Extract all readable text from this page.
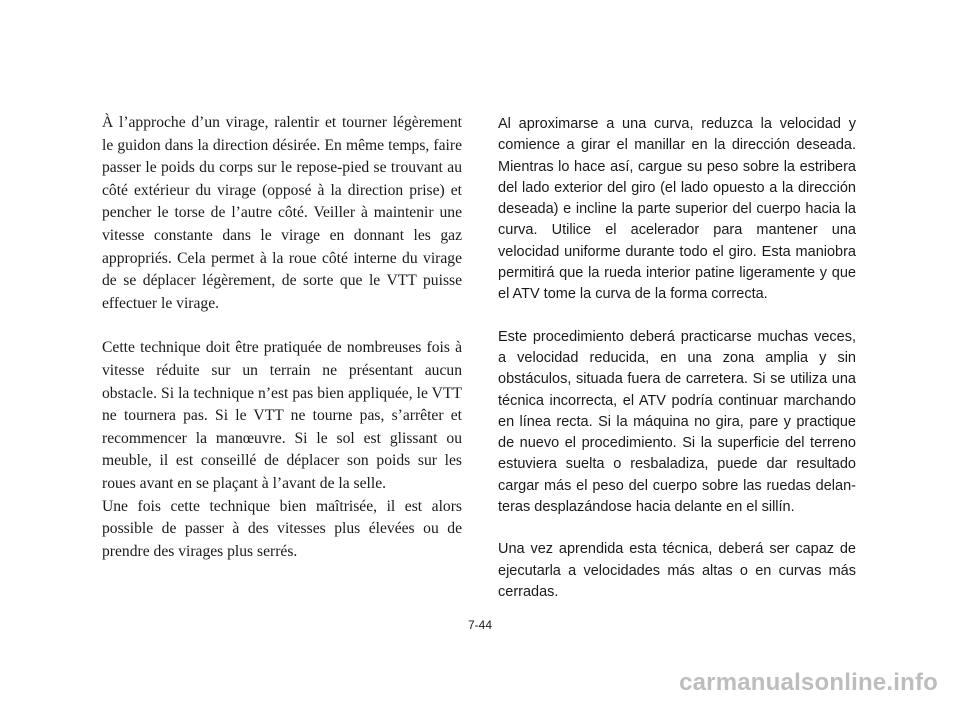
À l’approche d’un virage, ralentir et tourner légèrement le guidon dans la direction désirée. En même temps, faire passer le poids du corps sur le repose-pied se trouvant au côté extérieur du virage (opposé à la direction prise) et pencher le torse de l’autre côté. Veiller à maintenir une vitesse constante dans le virage en donnant les gaz appropriés. Cela permet à la roue côté interne du virage de se déplacer légèrement, de sorte que le VTT puisse effectuer le virage.

Cette technique doit être pratiquée de nombreuses fois à vitesse réduite sur un terrain ne présentant aucun obstacle. Si la technique n’est pas bien appliquée, le VTT ne tournera pas. Si le VTT ne tourne pas, s’arrêter et recommencer la manœuvre. Si le sol est glissant ou meuble, il est conseillé de déplacer son poids sur les roues avant en se plaçant à l’avant de la selle.

Une fois cette technique bien maîtrisée, il est alors possible de passer à des vitesses plus élevées ou de prendre des virages plus serrés.

Al aproximarse a una curva, reduzca la velocidad y comience a girar el manillar en la dirección deseada. Mientras lo hace así, cargue su peso sobre la estribera del lado exterior del giro (el lado opuesto a la dirección deseada) e incline la parte superior del cuerpo hacia la curva. Utilice el acelerador para mantener una velocidad uniforme durante todo el giro. Esta maniobra permitirá que la rueda interior patine ligeramente y que el ATV tome la curva de la forma correcta.

Este procedimiento deberá practicarse muchas veces, a velocidad reducida, en una zona amplia y sin obstáculos, situada fuera de carretera. Si se utiliza una técnica incorrecta, el ATV podría continuar marchando en línea recta. Si la máquina no gira, pare y practique de nuevo el procedimiento. Si la superficie del terreno estuviera suelta o resbaladiza, puede dar resultado cargar más el peso del cuerpo sobre las ruedas delanteras desplazándose hacia delante en el sillín.

Una vez aprendida esta técnica, deberá ser capaz de ejecutarla a velocidades más altas o en curvas más cerradas.

7-44
carmanualsonline.info
